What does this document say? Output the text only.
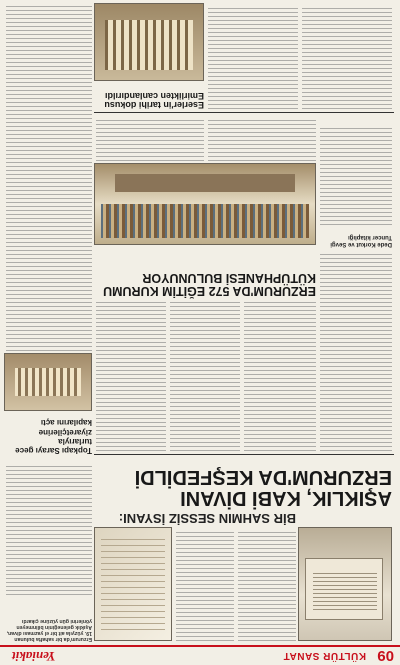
09
KÜLTÜR SANAT
Yeniakit
BİR SAHMIN SESSİZ İSYANI:
AŞIKLIK, KABİ DİVANI ERZURUM'DA KEŞFEDİLDİ
Erzurum'da bir sahafta bulunan 19. yüzyıla ait bir el yazması divan, Aşıklık geleneğinin bilinmeyen yönlerini gün yüzüne çıkardı
Topkapı Sarayı gece turlarıyla ziyaretçilerine kapılarını açtı
ERZURUM'DA 572 EĞİTİM KURUMU KÜTÜPHANESİ BULUNUYOR
Dede Korkut ve Sevgi Tuncer kitaplığı
Eserler'in tarihi dokusu Emirlikten canlandırıldı
